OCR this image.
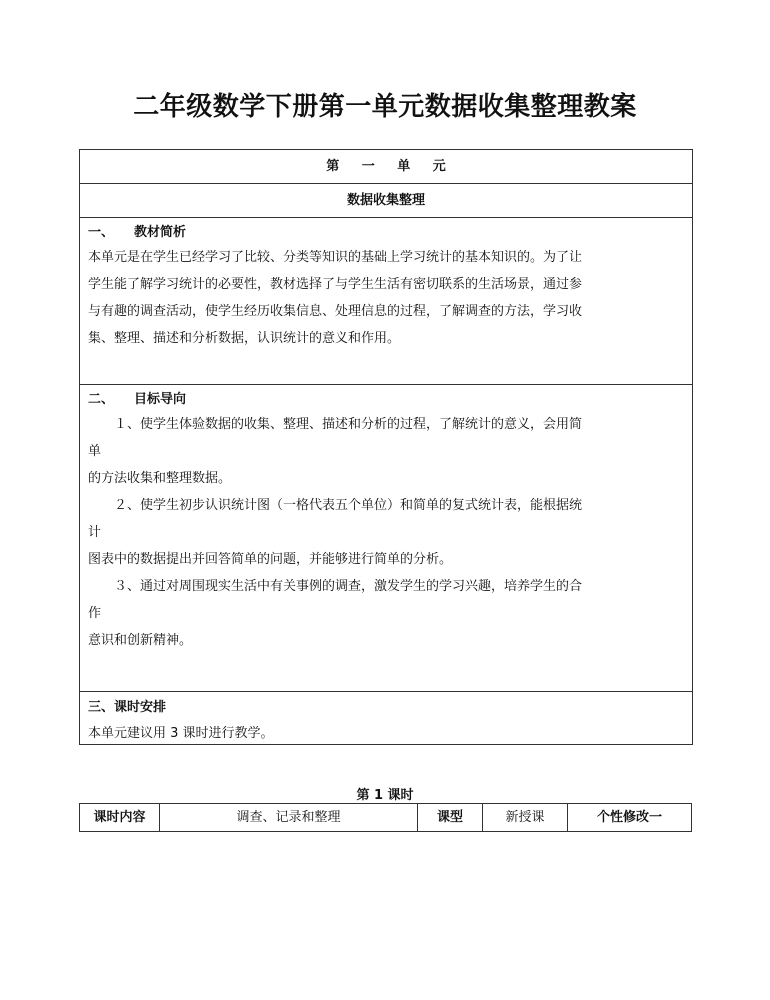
二年级数学下册第一单元数据收集整理教案
第 一 单 元
数据收集整理
一、 教材简析

本单元是在学生已经学习了比较、分类等知识的基础上学习统计的基本知识的。为了让

学生能了解学习统计的必要性，教材选择了与学生生活有密切联系的生活场景，通过参

与有趣的调查活动，使学生经历收集信息、处理信息的过程，了解调查的方法，学习收

集、整理、描述和分析数据，认识统计的意义和作用。

二、 目标导向

１、使学生体验数据的收集、整理、描述和分析的过程，了解统计的意义，会用简

单

的方法收集和整理数据。

２、使学生初步认识统计图（一格代表五个单位）和简单的复式统计表，能根据统

计

图表中的数据提出并回答简单的问题，并能够进行简单的分析。

３、通过对周围现实生活中有关事例的调查，激发学生的学习兴趣，培养学生的合

作

意识和创新精神。

三、课时安排

本单元建议用 3 课时进行教学。

第 1 课时
课时内容	调查、记录和整理	课型	新授课	个性修改一
